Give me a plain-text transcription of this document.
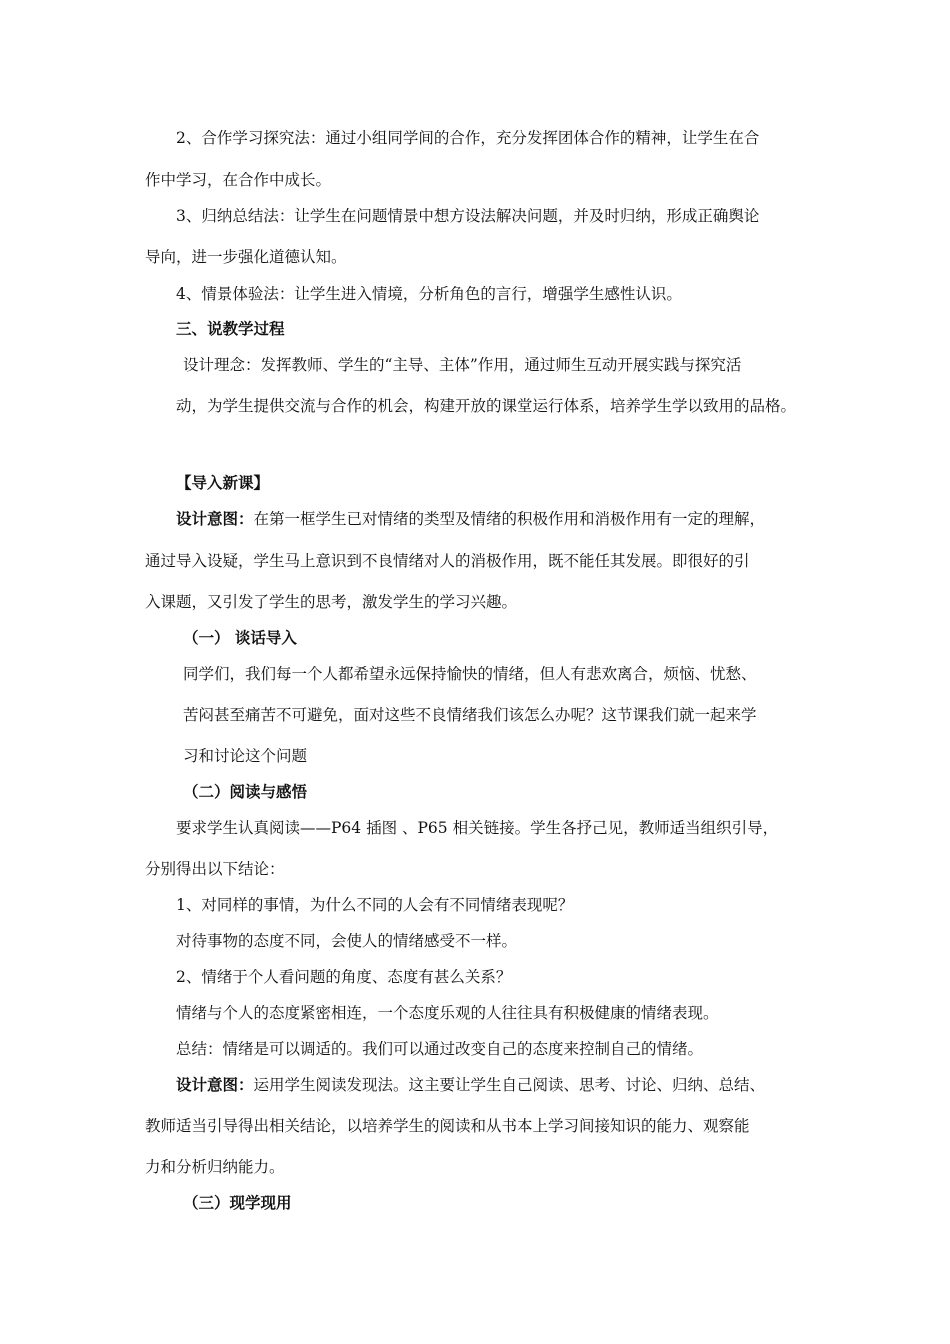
2、合作学习探究法：通过小组同学间的合作，充分发挥团体合作的精神，让学生在合
作中学习，在合作中成长。
3、归纳总结法：让学生在问题情景中想方设法解决问题，并及时归纳，形成正确舆论
导向，进一步强化道德认知。
4、情景体验法：让学生进入情境，分析角色的言行，增强学生感性认识。
三、说教学过程
设计理念：发挥教师、学生的“主导、主体”作用，通过师生互动开展实践与探究活
动，为学生提供交流与合作的机会，构建开放的课堂运行体系，培养学生学以致用的品格。
【导入新课】
设计意图：在第一框学生已对情绪的类型及情绪的积极作用和消极作用有一定的理解，
通过导入设疑，学生马上意识到不良情绪对人的消极作用，既不能任其发展。即很好的引
入课题，又引发了学生的思考，激发学生的学习兴趣。
（一） 谈话导入
同学们，我们每一个人都希望永远保持愉快的情绪，但人有悲欢离合，烦恼、忧愁、
苦闷甚至痛苦不可避免，面对这些不良情绪我们该怎么办呢？这节课我们就一起来学
习和讨论这个问题
（二）阅读与感悟
要求学生认真阅读——P64 插图 、P65 相关链接。学生各抒己见，教师适当组织引导，
分别得出以下结论：
1、对同样的事情，为什么不同的人会有不同情绪表现呢？
对待事物的态度不同，会使人的情绪感受不一样。
2、情绪于个人看问题的角度、态度有甚么关系？
情绪与个人的态度紧密相连，一个态度乐观的人往往具有积极健康的情绪表现。
总结：情绪是可以调适的。我们可以通过改变自己的态度来控制自己的情绪。
设计意图：运用学生阅读发现法。这主要让学生自己阅读、思考、讨论、归纳、总结、
教师适当引导得出相关结论，以培养学生的阅读和从书本上学习间接知识的能力、观察能
力和分析归纳能力。
（三）现学现用
